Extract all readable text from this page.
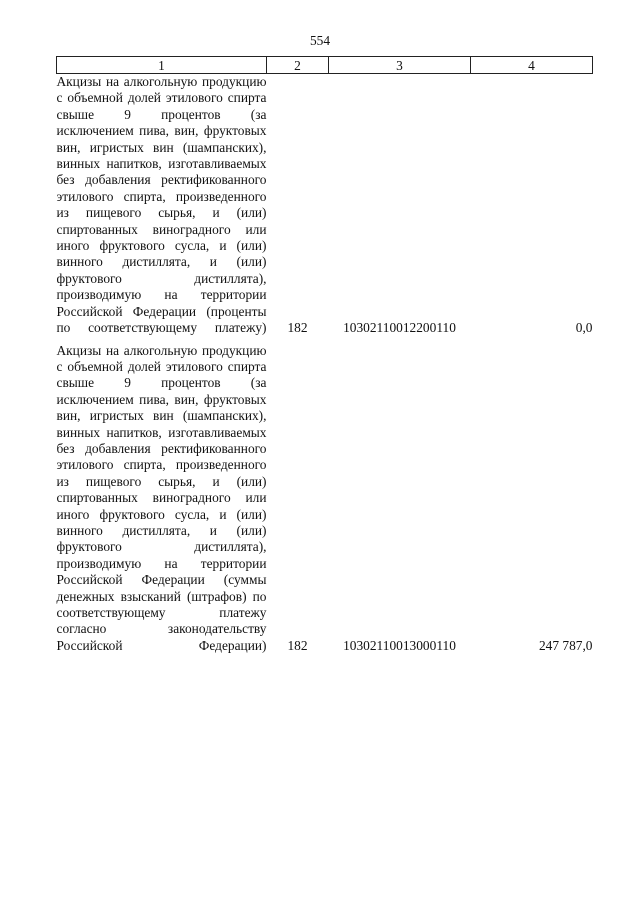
554
1	2	3	4

Акцизы на алкогольную продукцию с объемной долей этилового спирта свыше 9 процентов (за исключением пива, вин, фруктовых вин, игристых вин (шампанских), винных напитков, изготавливаемых без добавления ректификованного этилового спирта, произведенного из пищевого сырья, и (или) спиртованных виноградного или иного фруктового сусла, и (или) винного дистиллята, и (или) фруктового дистиллята), производимую на территории Российской Федерации (проценты по соответствующему платежу)	182	10302110012200110	0,0

Акцизы на алкогольную продукцию с объемной долей этилового спирта свыше 9 процентов (за исключением пива, вин, фруктовых вин, игристых вин (шампанских), винных напитков, изготавливаемых без добавления ректификованного этилового спирта, произведенного из пищевого сырья, и (или) спиртованных виноградного или иного фруктового сусла, и (или) винного дистиллята, и (или) фруктового дистиллята), производимую на территории Российской Федерации (суммы денежных взысканий (штрафов) по соответствующему платежу согласно законодательству Российской Федерации)	182	10302110013000110	247 787,0
